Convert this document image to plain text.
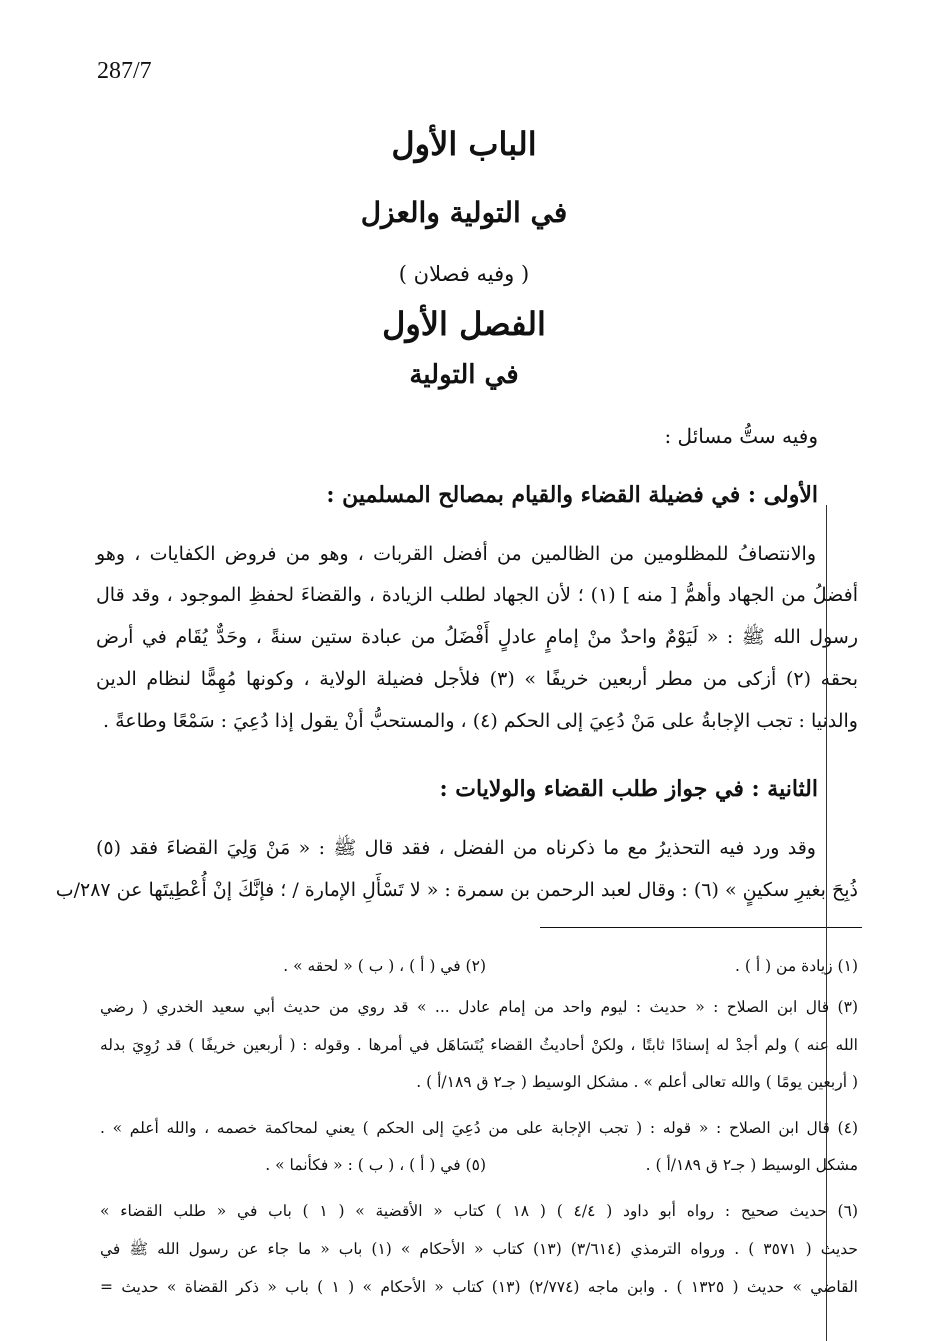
287/7
الباب الأول
في التولية والعزل
( وفيه فصلان )
الفصل الأول
في التولية
وفيه ستُّ مسائل :
الأولى : في فضيلة القضاء والقيام بمصالح المسلمين :
والانتصافُ للمظلومين من الظالمين من أفضل القربات ، وهو من فروض الكفايات ، وهو
أفضلُ من الجهاد وأهمُّ [ منه ] (١) ؛ لأن الجهاد لطلب الزيادة ، والقضاءَ لحفظِ الموجود ، وقد قال
رسول الله ﷺ : « لَيَوْمٌ واحدٌ منْ إمامٍ عادلٍ أَفْضَلُ من عبادة ستين سنةً ، وحَدٌّ يُقَام في أرض
بحقه (٢) أزكى من مطر أربعين خريفًا » (٣) فلأجل فضيلة الولاية ، وكونها مُهِمًّا لنظام الدين
والدنيا : تجب الإجابةُ على مَنْ دُعِيَ إلى الحكم (٤) ، والمستحبُّ أنْ يقول إذا دُعِيَ : سَمْعًا وطاعةً .
الثانية : في جواز طلب القضاء والولايات :
وقد ورد فيه التحذيرُ مع ما ذكرناه من الفضل ، فقد قال ﷺ : « مَنْ وَلِيَ القضاءَ فقد (٥)
ذُبِحَ بغيرِ سكينٍ » (٦) : وقال لعبد الرحمن بن سمرة : « لا تَسْأَلِ الإمارة / ؛ فإنَّكَ إنْ أُعْطِيتَها عن ٢٨٧/ب
(١) زيادة من ( أ ) .
(٢) في ( أ ) ، ( ب ) « لحقه » .
(٣) قال ابن الصلاح : « حديث : ليوم واحد من إمام عادل ... » قد روي من حديث أبي سعيد الخدري ( رضي
الله عنه ) ولم أجدْ له إسنادًا ثابتًا ، ولكنْ أحاديثُ القضاء يُتَسَاهَل في أمرها . وقوله : ( أربعين خريفًا ) قد رُوِيَ بدله
( أربعين يومًا ) والله تعالى أعلم » . مشكل الوسيط ( جـ٢ ق ١٨٩/أ ) .
(٤) قال ابن الصلاح : « قوله : ( تجب الإجابة على من دُعِيَ إلى الحكم ) يعني لمحاكمة خصمه ، والله أعلم » .
مشكل الوسيط ( جـ٢ ق ١٨٩/أ ) .
(٥) في ( أ ) ، ( ب ) : « فكأنما » .
(٦) حديث صحيح : رواه أبو داود ( ٤/٤ ) ( ١٨ ) كتاب « الأقضية » ( ١ ) باب في « طلب القضاء »
حديث ( ٣٥٧١ ) . ورواه الترمذي (٣/٦١٤) (١٣) كتاب « الأحكام » (١) باب « ما جاء عن رسول الله ﷺ في
القاضي » حديث ( ١٣٢٥ ) . وابن ماجه (٢/٧٧٤) (١٣) كتاب « الأحكام » ( ١ ) باب « ذكر القضاة » حديث =
